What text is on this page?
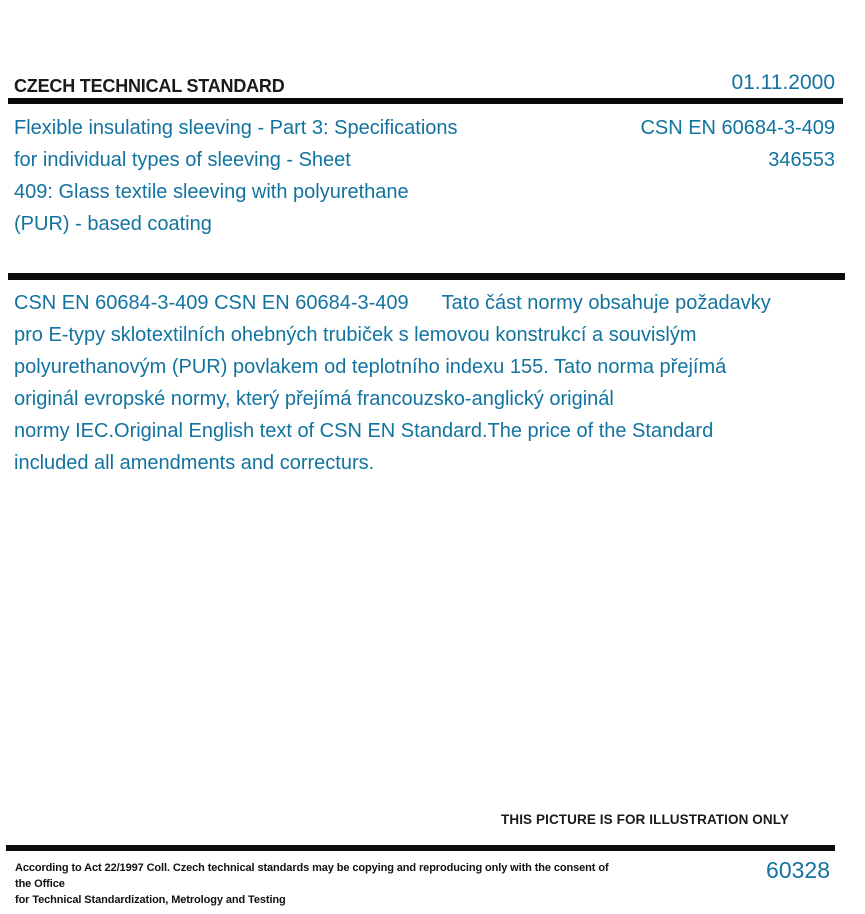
CZECH TECHNICAL STANDARD	01.11.2000
Flexible insulating sleeving - Part 3: Specifications
for individual types of sleeving - Sheet
409: Glass textile sleeving with polyurethane
(PUR) - based coating
CSN EN 60684-3-409
346553
CSN EN 60684-3-409 CSN EN 60684-3-409      Tato část normy obsahuje požadavky
pro E-typy sklotextilních ohebných trubiček s lemovou konstrukcí a souvislým
polyurethanovým (PUR) povlakem od teplotního indexu 155. Tato norma přejímá
originál evropské normy, který přejímá francouzsko-anglický originál
normy IEC.Original English text of CSN EN Standard.The price of the Standard
included all amendments and correcturs.
THIS PICTURE IS FOR ILLUSTRATION ONLY
According to Act 22/1997 Coll. Czech technical standards may be copying and reproducing only with the consent of the Office
for Technical Standardization, Metrology and Testing
60328
